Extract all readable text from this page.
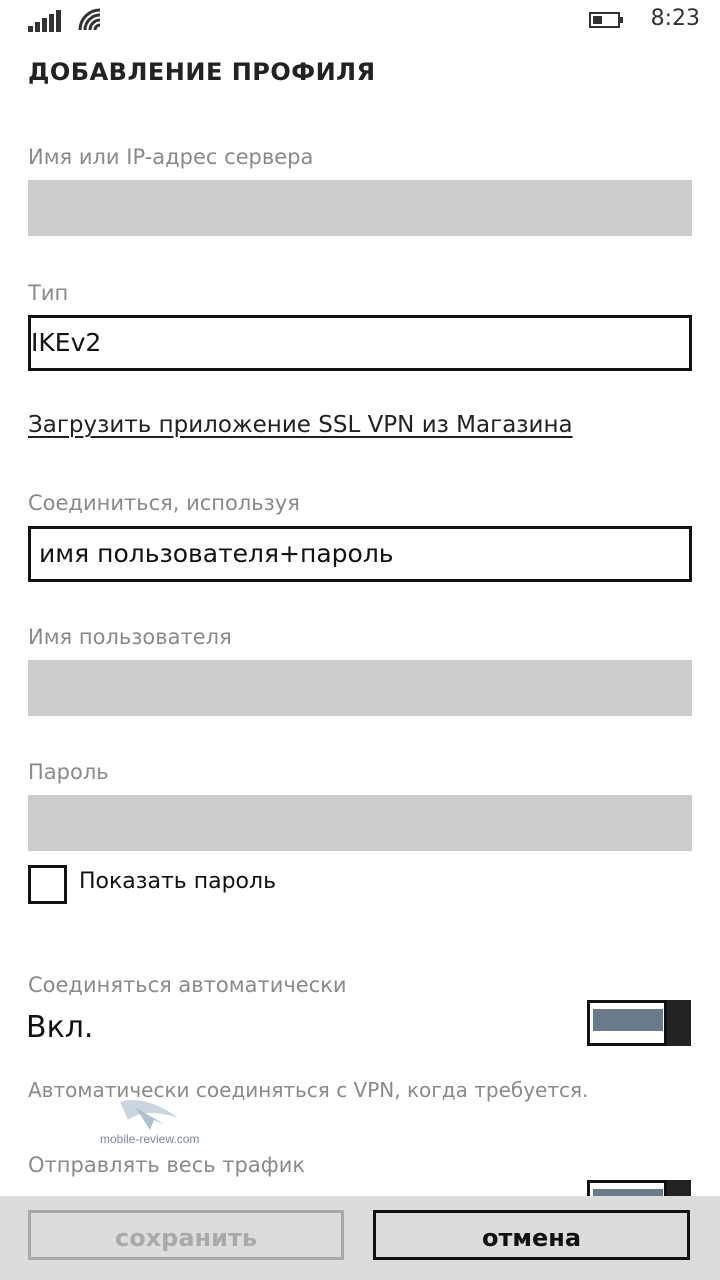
8:23
ДОБАВЛЕНИЕ ПРОФИЛЯ
Имя или IP-адрес сервера
Тип
IKEv2
Загрузить приложение SSL VPN из Магазина
Соединиться, используя
имя пользователя+пароль
Имя пользователя
Пароль
Показать пароль
Соединяться автоматически
Вкл.
Автоматически соединяться с VPN, когда требуется.
mobile-review.com
Отправлять весь трафик
сохранить	отмена
